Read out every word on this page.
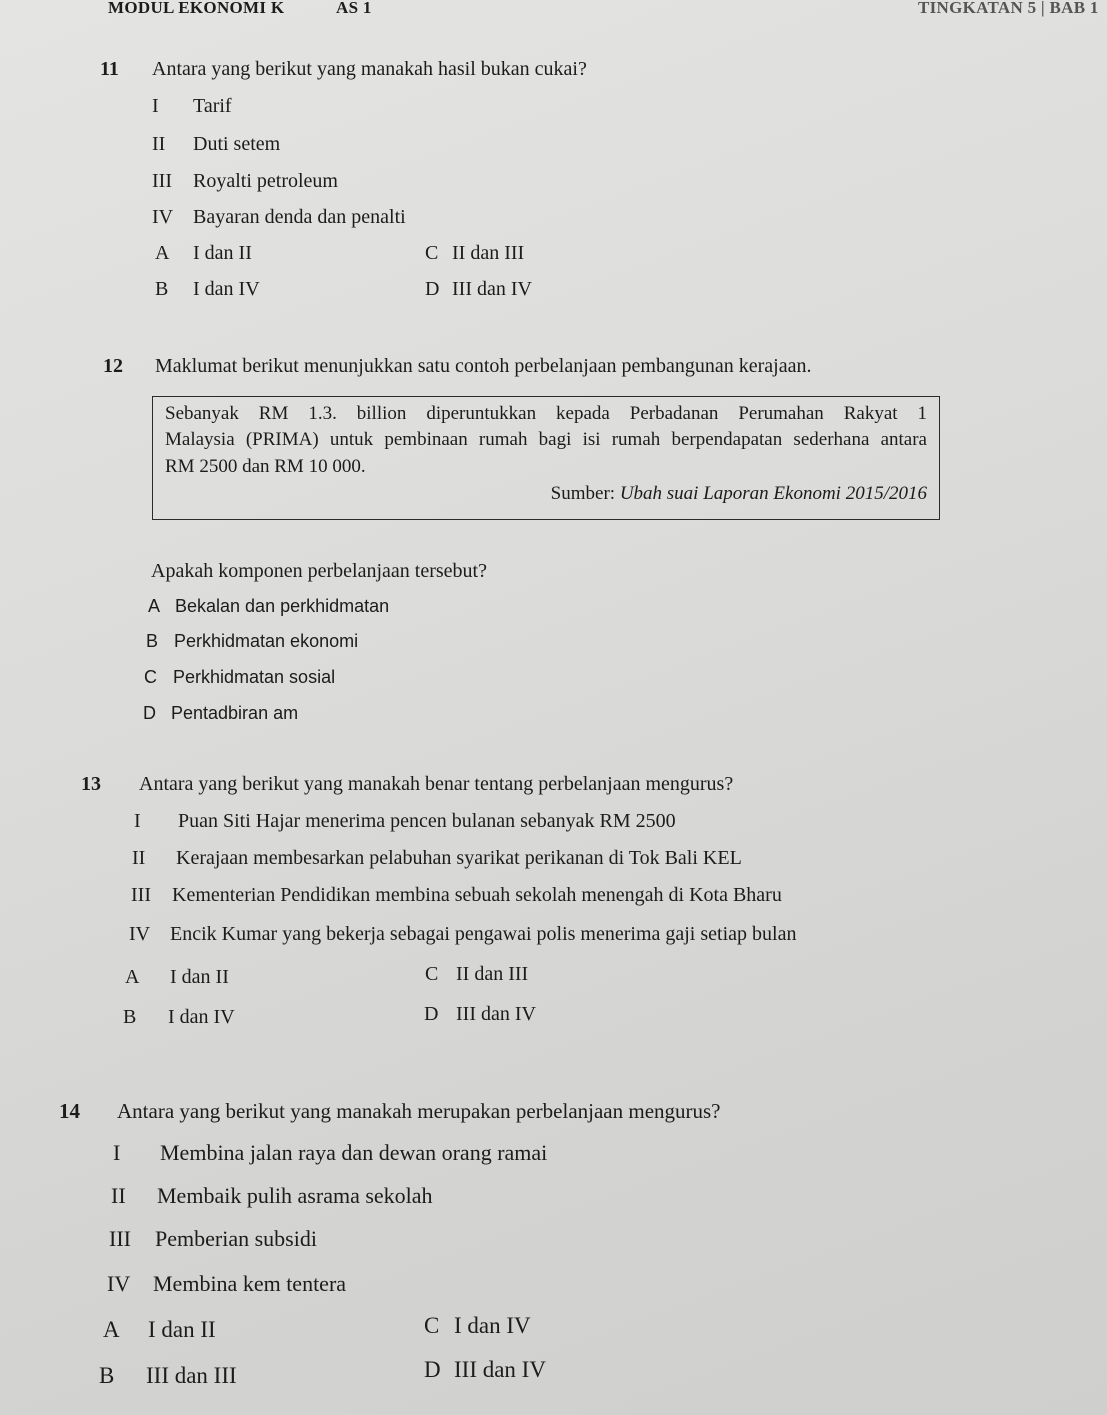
MODUL EKONOMI K	AS 1	TINGKATAN 5 | BAB 1
11 Antara yang berikut yang manakah hasil bukan cukai?
I Tarif
II Duti setem
III Royalti petroleum
IV Bayaran denda dan penalti
A I dan II	C II dan III
B I dan IV	D III dan IV
12 Maklumat berikut menunjukkan satu contoh perbelanjaan pembangunan kerajaan.
Sebanyak RM 1.3. billion diperuntukkan kepada Perbadanan Perumahan Rakyat 1
Malaysia (PRIMA) untuk pembinaan rumah bagi isi rumah berpendapatan sederhana antara
RM 2500 dan RM 10 000.
Sumber: Ubah suai Laporan Ekonomi 2015/2016
Apakah komponen perbelanjaan tersebut?
A Bekalan dan perkhidmatan
B Perkhidmatan ekonomi
C Perkhidmatan sosial
D Pentadbiran am
13 Antara yang berikut yang manakah benar tentang perbelanjaan mengurus?
I Puan Siti Hajar menerima pencen bulanan sebanyak RM 2500
II Kerajaan membesarkan pelabuhan syarikat perikanan di Tok Bali KEL
III Kementerian Pendidikan membina sebuah sekolah menengah di Kota Bharu
IV Encik Kumar yang bekerja sebagai pengawai polis menerima gaji setiap bulan
A I dan II	C II dan III
B I dan IV	D III dan IV
14 Antara yang berikut yang manakah merupakan perbelanjaan mengurus?
I Membina jalan raya dan dewan orang ramai
II Membaik pulih asrama sekolah
III Pemberian subsidi
IV Membina kem tentera
A I dan II	C I dan IV
B III dan III	D III dan IV
